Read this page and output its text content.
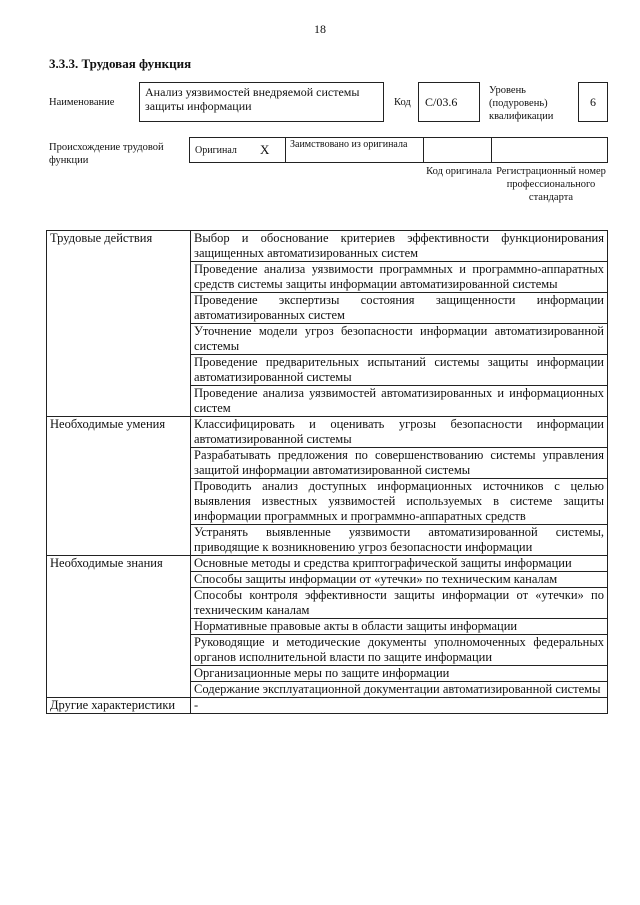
18
3.3.3. Трудовая функция
Наименование
Анализ уязвимостей внедряемой системы защиты информации	Код	С/03.6
Уровень (подуровень) квалификации
6
Происхождение трудовой функции
Оригинал X	Заимствовано из оригинала
Код оригинала Регистрационный номер профессионального стандарта
Трудовые действия	Выбор и обоснование критериев эффективности функционирования защищенных автоматизированных систем
	Проведение анализа уязвимости программных и программно-аппаратных средств системы защиты информации автоматизированной системы
	Проведение экспертизы состояния защищенности информации автоматизированных систем
	Уточнение модели угроз безопасности информации автоматизированной системы
	Проведение предварительных испытаний системы защиты информации автоматизированной системы
	Проведение анализа уязвимостей автоматизированных и информационных систем
Необходимые умения	Классифицировать и оценивать угрозы безопасности информации автоматизированной системы
	Разрабатывать предложения по совершенствованию системы управления защитой информации автоматизированной системы
	Проводить анализ доступных информационных источников с целью выявления известных уязвимостей используемых в системе защиты информации программных и программно-аппаратных средств
	Устранять выявленные уязвимости автоматизированной системы, приводящие к возникновению угроз безопасности информации
Необходимые знания	Основные методы и средства криптографической защиты информации
	Способы защиты информации от «утечки» по техническим каналам
	Способы контроля эффективности защиты информации от «утечки» по техническим каналам
	Нормативные правовые акты в области защиты информации
	Руководящие и методические документы уполномоченных федеральных органов исполнительной власти по защите информации
	Организационные меры по защите информации
	Содержание эксплуатационной документации автоматизированной системы
Другие характеристики	-
